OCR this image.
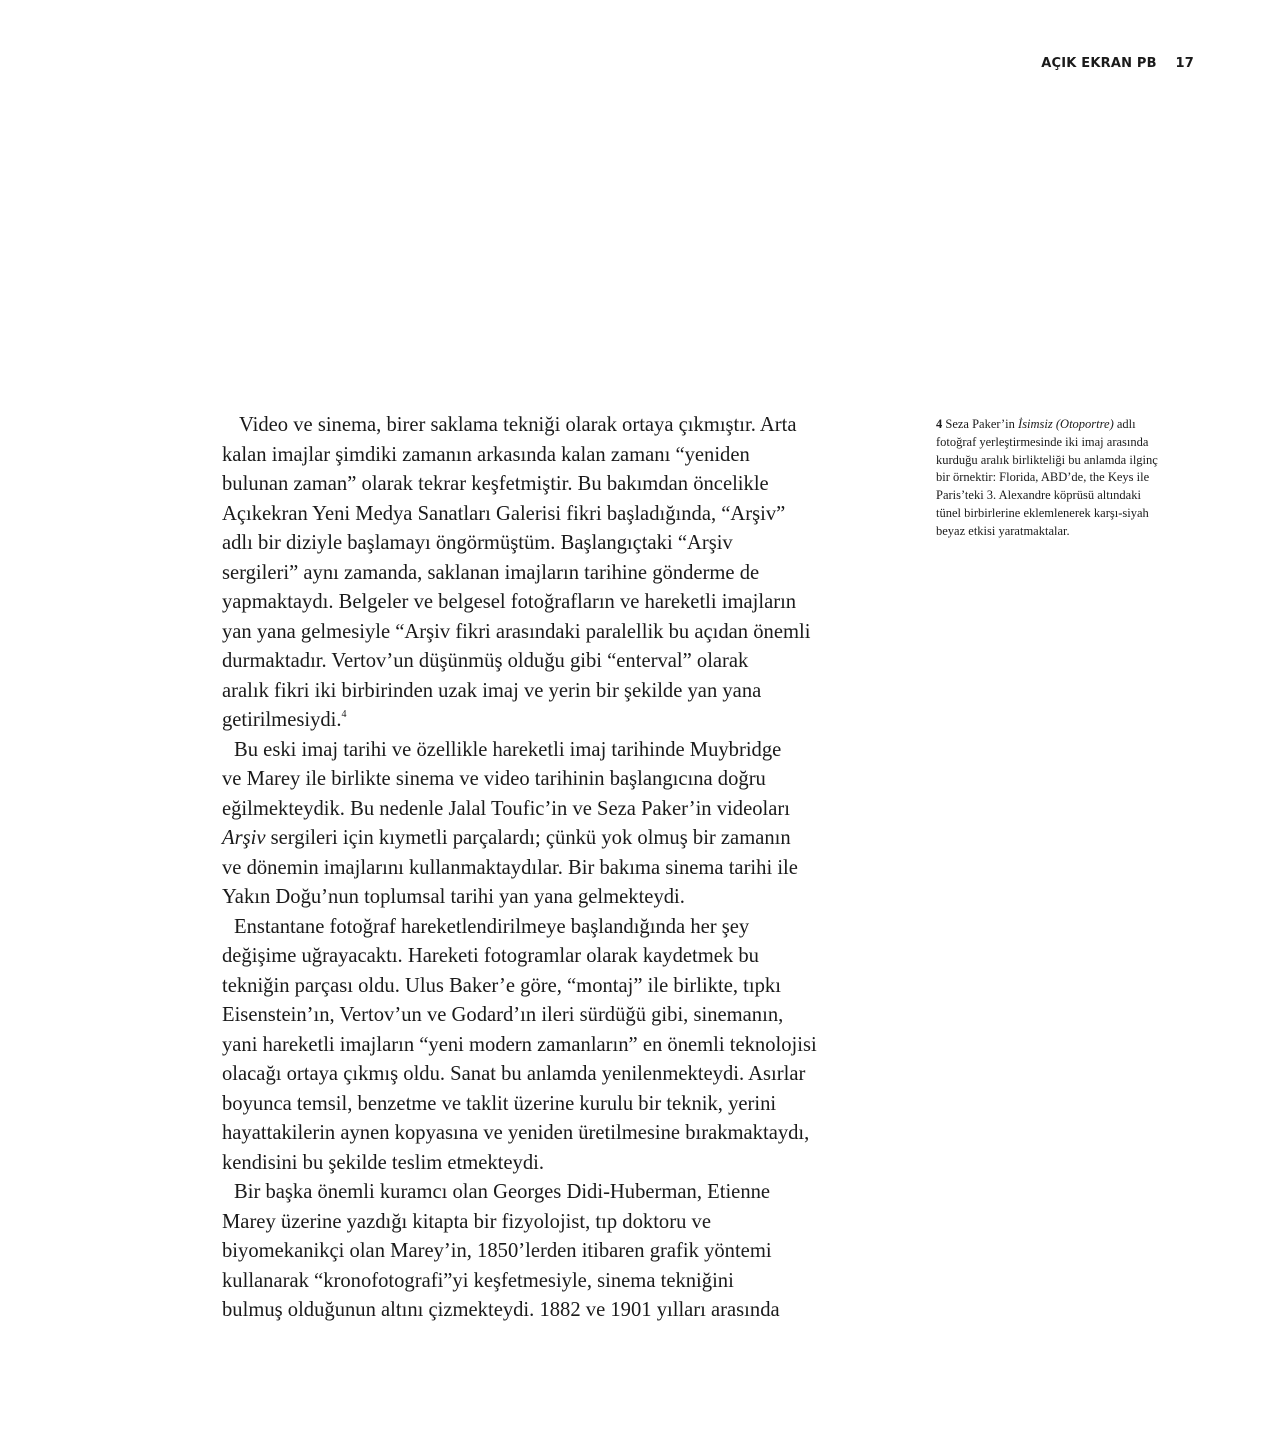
AÇIK EKRAN PB 17
Video ve sinema, birer saklama tekniği olarak ortaya çıkmıştır. Arta
kalan imajlar şimdiki zamanın arkasında kalan zamanı “yeniden
bulunan zaman” olarak tekrar keşfetmiştir. Bu bakımdan öncelikle
Açıkekran Yeni Medya Sanatları Galerisi fikri başladığında, “Arşiv”
adlı bir diziyle başlamayı öngörmüştüm. Başlangıçtaki “Arşiv
sergileri” aynı zamanda, saklanan imajların tarihine gönderme de
yapmaktaydı. Belgeler ve belgesel fotoğrafların ve hareketli imajların
yan yana gelmesiyle “Arşiv fikri arasındaki paralellik bu açıdan önemli
durmaktadır. Vertov’un düşünmüş olduğu gibi “enterval” olarak
aralık fikri iki birbirinden uzak imaj ve yerin bir şekilde yan yana
getirilmesiydi.$^4$
Bu eski imaj tarihi ve özellikle hareketli imaj tarihinde Muybridge
ve Marey ile birlikte sinema ve video tarihinin başlangıcına doğru
eğilmekteydik. Bu nedenle Jalal Toufic’in ve Seza Paker’in videoları
Arşiv sergileri için kıymetli parçalardı; çünkü yok olmuş bir zamanın
ve dönemin imajlarını kullanmaktaydılar. Bir bakıma sinema tarihi ile
Yakın Doğu’nun toplumsal tarihi yan yana gelmekteydi.
Enstantane fotoğraf hareketlendirilmeye başlandığında her şey
değişime uğrayacaktı. Hareketi fotogramlar olarak kaydetmek bu
tekniğin parçası oldu. Ulus Baker’e göre, “montaj” ile birlikte, tıpkı
Eisenstein’ın, Vertov’un ve Godard’ın ileri sürdüğü gibi, sinemanın,
yani hareketli imajların “yeni modern zamanların” en önemli teknolojisi
olacağı ortaya çıkmış oldu. Sanat bu anlamda yenilenmekteydi. Asırlar
boyunca temsil, benzetme ve taklit üzerine kurulu bir teknik, yerini
hayattakilerin aynen kopyasına ve yeniden üretilmesine bırakmaktaydı,
kendisini bu şekilde teslim etmekteydi.
Bir başka önemli kuramcı olan Georges Didi-Huberman, Etienne
Marey üzerine yazdığı kitapta bir fizyolojist, tıp doktoru ve
biyomekanikçi olan Marey’in, 1850’lerden itibaren grafik yöntemi
kullanarak “kronofotografi”yi keşfetmesiyle, sinema tekniğini
bulmuş olduğunun altını çizmekteydi. 1882 ve 1901 yılları arasında
4 Seza Paker’in İsimsiz (Otoportre) adlı
fotoğraf yerleştirmesinde iki imaj arasında
kurduğu aralık birlikteliği bu anlamda ilginç
bir örnektir: Florida, ABD’de, the Keys ile
Paris’teki 3. Alexandre köprüsü altındaki
tünel birbirlerine eklemlenerek karşı-siyah
beyaz etkisi yaratmaktalar.
